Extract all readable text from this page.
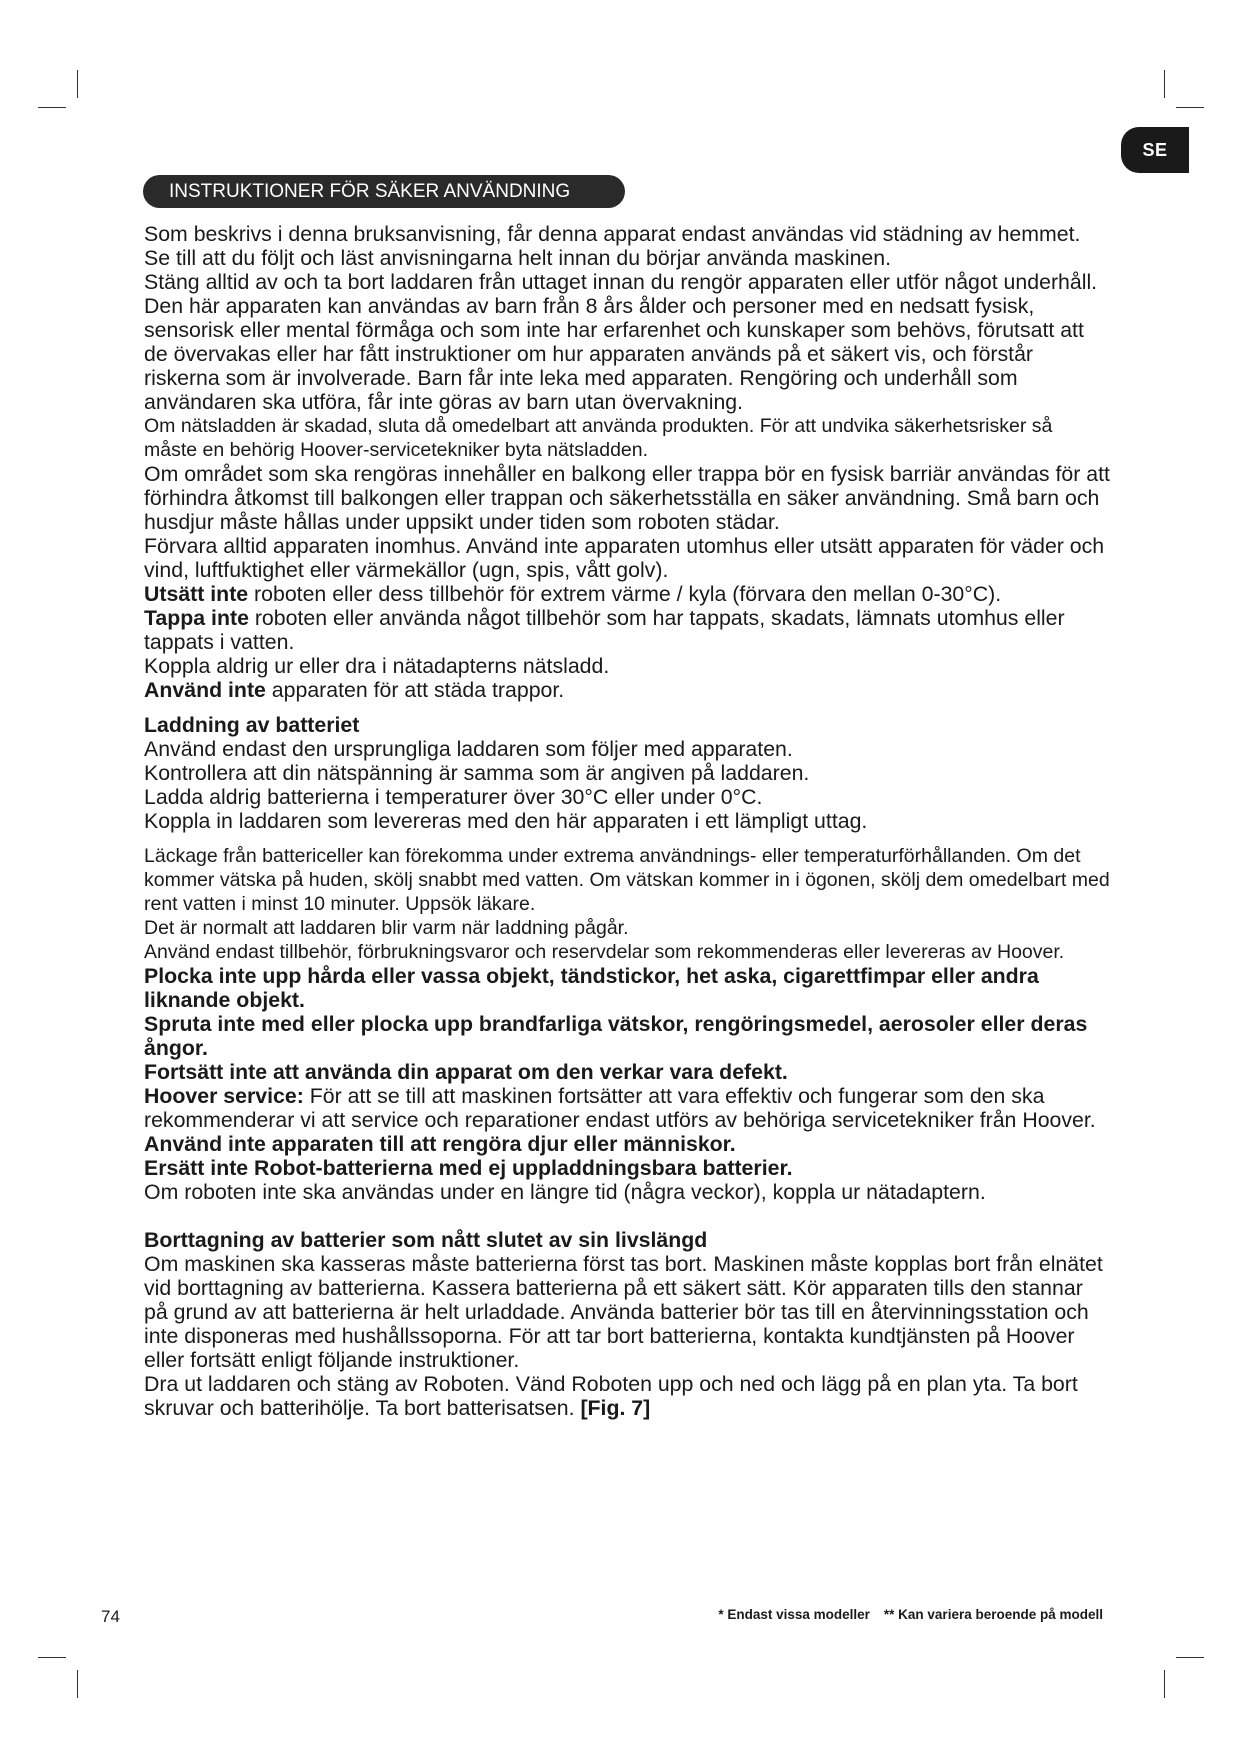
SE
INSTRUKTIONER FÖR SÄKER ANVÄNDNING

Som beskrivs i denna bruksanvisning, får denna apparat endast användas vid städning av hemmet. Se till att du följt och läst anvisningarna helt innan du börjar använda maskinen.

Stäng alltid av och ta bort laddaren från uttaget innan du rengör apparaten eller utför något underhåll.

Den här apparaten kan användas av barn från 8 års ålder och personer med en nedsatt fysisk, sensorisk eller mental förmåga och som inte har erfarenhet och kunskaper som behövs, förutsatt att de övervakas eller har fått instruktioner om hur apparaten används på et säkert vis, och förstår riskerna som är involverade. Barn får inte leka med apparaten. Rengöring och underhåll som användaren ska utföra, får inte göras av barn utan övervakning.

Om nätsladden är skadad, sluta då omedelbart att använda produkten. För att undvika säkerhetsrisker så måste en behörig Hoover-servicetekniker byta nätsladden.

Om området som ska rengöras innehåller en balkong eller trappa bör en fysisk barriär användas för att förhindra åtkomst till balkongen eller trappan och säkerhetsställa en säker användning. Små barn och husdjur måste hållas under uppsikt under tiden som roboten städar.

Förvara alltid apparaten inomhus. Använd inte apparaten utomhus eller utsätt apparaten för väder och vind, luftfuktighet eller värmekällor (ugn, spis, vått golv).

Utsätt inte roboten eller dess tillbehör för extrem värme / kyla (förvara den mellan 0-30°C).

Tappa inte roboten eller använda något tillbehör som har tappats, skadats, lämnats utomhus eller tappats i vatten.

Koppla aldrig ur eller dra i nätadapterns nätsladd.

Använd inte apparaten för att städa trappor.

Laddning av batteriet

Använd endast den ursprungliga laddaren som följer med apparaten.

Kontrollera att din nätspänning är samma som är angiven på laddaren.

Ladda aldrig batterierna i temperaturer över 30°C eller under 0°C.

Koppla in laddaren som levereras med den här apparaten i ett lämpligt uttag.

Läckage från battericeller kan förekomma under extrema användnings- eller temperaturförhållanden. Om det kommer vätska på huden, skölj snabbt med vatten. Om vätskan kommer in i ögonen, skölj dem omedelbart med rent vatten i minst 10 minuter. Uppsök läkare.

Det är normalt att laddaren blir varm när laddning pågår.

Använd endast tillbehör, förbrukningsvaror och reservdelar som rekommenderas eller levereras av Hoover.

Plocka inte upp hårda eller vassa objekt, tändstickor, het aska, cigarettfimpar eller andra liknande objekt.

Spruta inte med eller plocka upp brandfarliga vätskor, rengöringsmedel, aerosoler eller deras ångor.

Fortsätt inte att använda din apparat om den verkar vara defekt.

Hoover service: För att se till att maskinen fortsätter att vara effektiv och fungerar som den ska rekommenderar vi att service och reparationer endast utförs av behöriga servicetekniker från Hoover.

Använd inte apparaten till att rengöra djur eller människor.

Ersätt inte Robot-batterierna med ej uppladdningsbara batterier.

Om roboten inte ska användas under en längre tid (några veckor), koppla ur nätadaptern.

Borttagning av batterier som nått slutet av sin livslängd

Om maskinen ska kasseras måste batterierna först tas bort. Maskinen måste kopplas bort från elnätet vid borttagning av batterierna. Kassera batterierna på ett säkert sätt. Kör apparaten tills den stannar på grund av att batterierna är helt urladdade. Använda batterier bör tas till en återvinningsstation och inte disponeras med hushållssoporna. För att tar bort batterierna, kontakta kundtjänsten på Hoover eller fortsätt enligt följande instruktioner.

Dra ut laddaren och stäng av Roboten. Vänd Roboten upp och ned och lägg på en plan yta. Ta bort skruvar och batterihölje. Ta bort batterisatsen. [Fig. 7]

74	* Endast vissa modeller ** Kan variera beroende på modell
